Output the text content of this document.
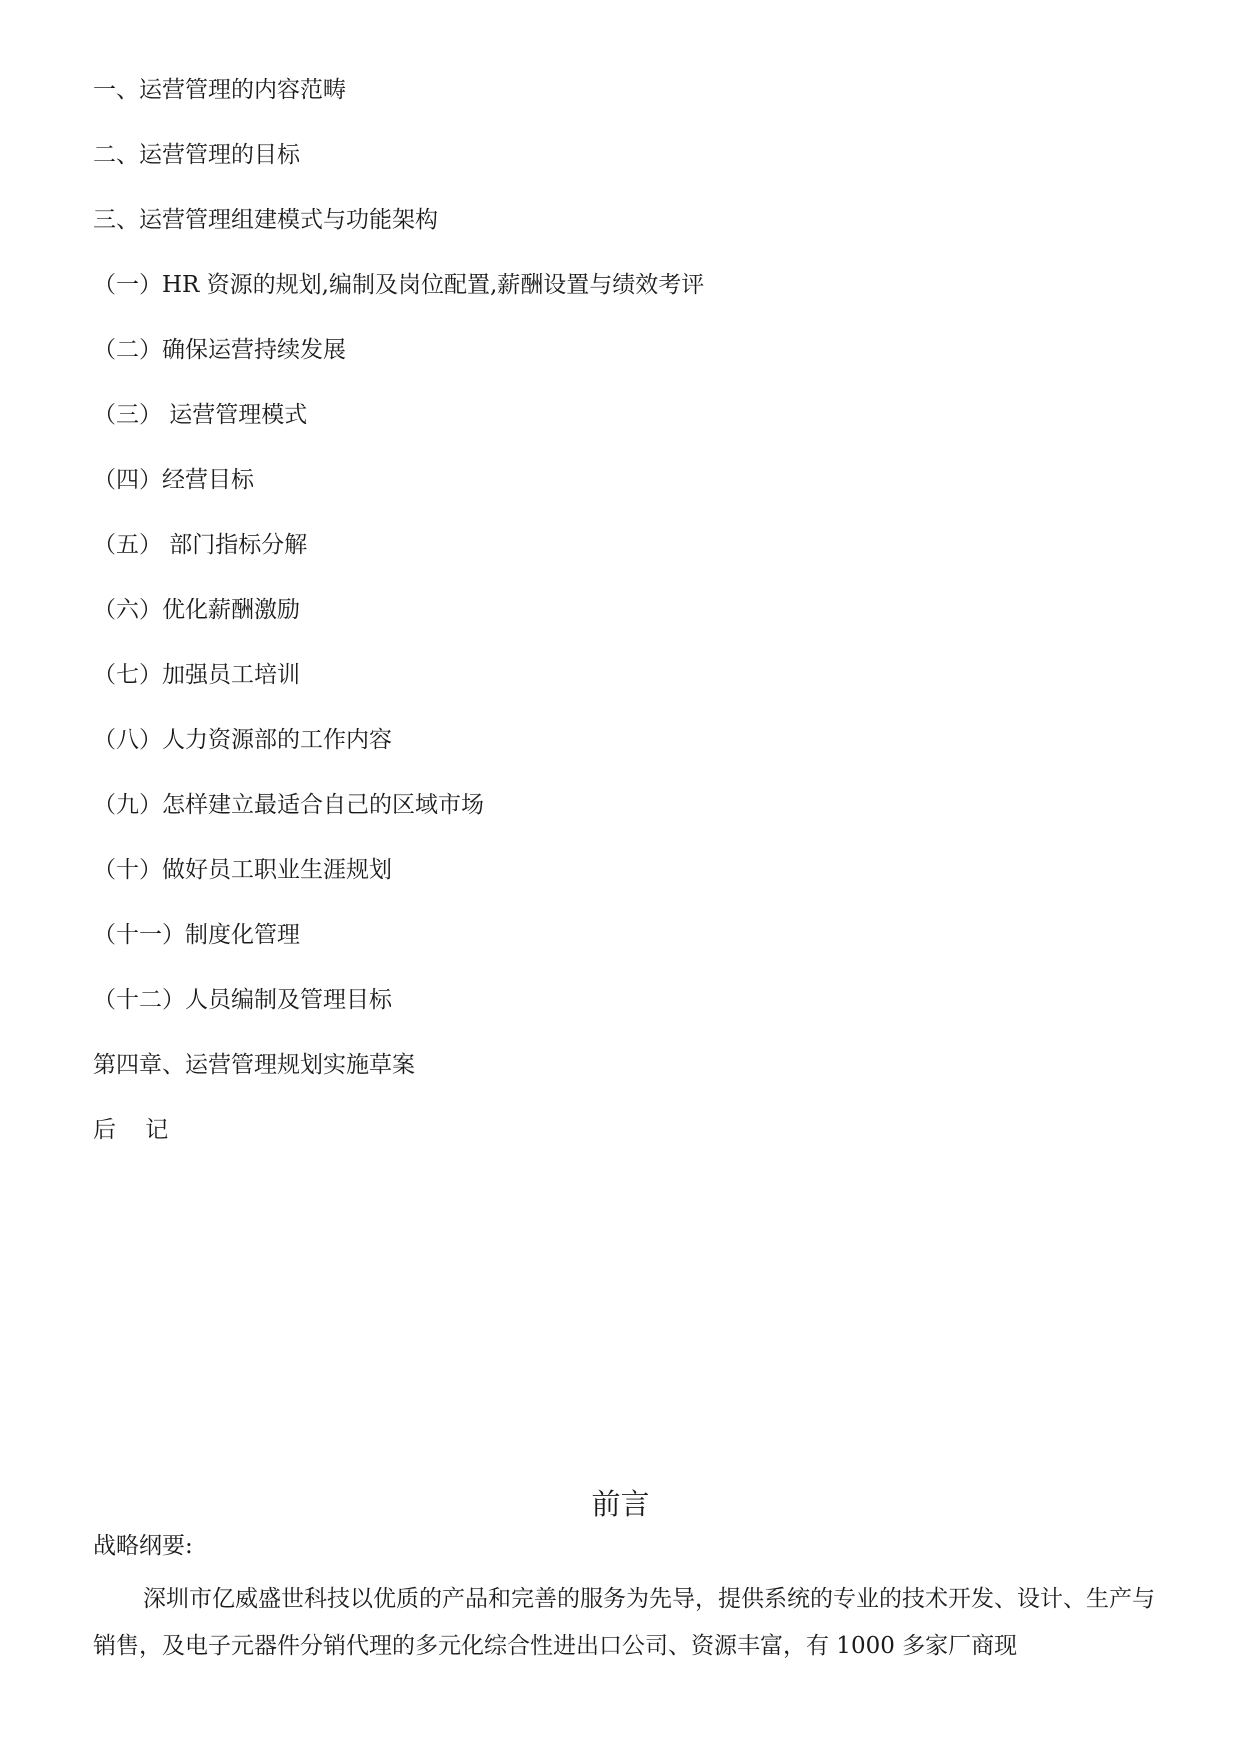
一、运营管理的内容范畴
二、运营管理的目标
三、运营管理组建模式与功能架构
（一）HR 资源的规划,编制及岗位配置,薪酬设置与绩效考评
（二）确保运营持续发展
（三） 运营管理模式
（四）经营目标
（五） 部门指标分解
（六）优化薪酬激励
（七）加强员工培训
（八）人力资源部的工作内容
（九）怎样建立最适合自己的区域市场
（十）做好员工职业生涯规划
（十一）制度化管理
（十二）人员编制及管理目标
第四章、运营管理规划实施草案
后    记
前言
战略纲要:

深圳市亿威盛世科技以优质的产品和完善的服务为先导，提供系统的专业的技术开发、设计、生产与销售，及电子元器件分销代理的多元化综合性进出口公司、资源丰富，有 1000 多家厂商现
